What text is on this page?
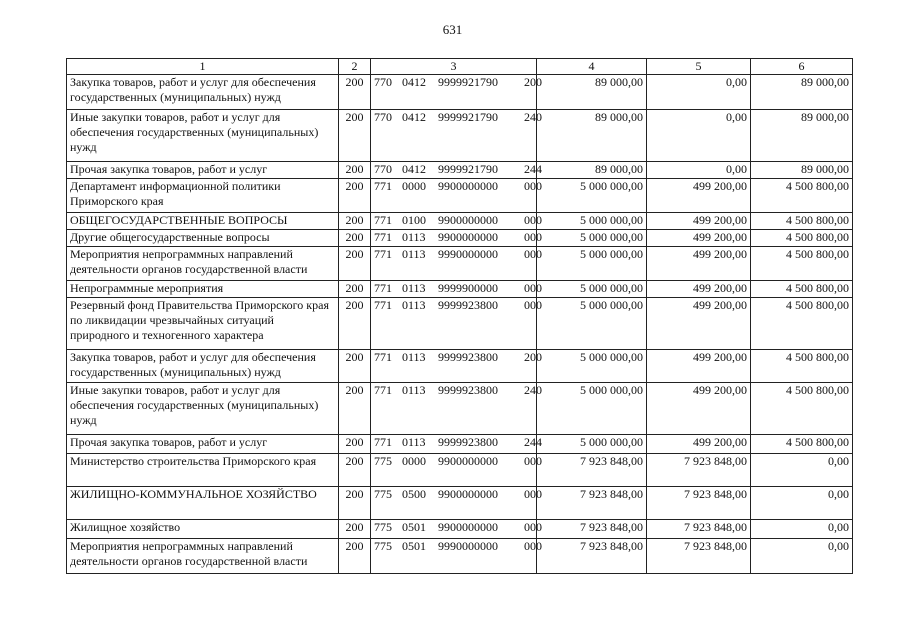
631
1	2	3	4	5	6
Закупка товаров, работ и услуг для обеспечения государственных (муниципальных) нужд	200	770 0412 9999921790 200	89 000,00	0,00	89 000,00
Иные закупки товаров, работ и услуг для обеспечения государственных (муниципальных) нужд	200	770 0412 9999921790 240	89 000,00	0,00	89 000,00
Прочая закупка товаров, работ и услуг	200	770 0412 9999921790 244	89 000,00	0,00	89 000,00
Департамент информационной политики Приморского края	200	771 0000 9900000000 000	5 000 000,00	499 200,00	4 500 800,00
ОБЩЕГОСУДАРСТВЕННЫЕ ВОПРОСЫ	200	771 0100 9900000000 000	5 000 000,00	499 200,00	4 500 800,00
Другие общегосударственные вопросы	200	771 0113 9900000000 000	5 000 000,00	499 200,00	4 500 800,00
Мероприятия непрограммных направлений деятельности органов государственной власти	200	771 0113 9990000000 000	5 000 000,00	499 200,00	4 500 800,00
Непрограммные мероприятия	200	771 0113 9999900000 000	5 000 000,00	499 200,00	4 500 800,00
Резервный фонд Правительства Приморского края по ликвидации чрезвычайных ситуаций природного и техногенного характера	200	771 0113 9999923800 000	5 000 000,00	499 200,00	4 500 800,00
Закупка товаров, работ и услуг для обеспечения государственных (муниципальных) нужд	200	771 0113 9999923800 200	5 000 000,00	499 200,00	4 500 800,00
Иные закупки товаров, работ и услуг для обеспечения государственных (муниципальных) нужд	200	771 0113 9999923800 240	5 000 000,00	499 200,00	4 500 800,00
Прочая закупка товаров, работ и услуг	200	771 0113 9999923800 244	5 000 000,00	499 200,00	4 500 800,00
Министерство строительства Приморского края	200	775 0000 9900000000 000	7 923 848,00	7 923 848,00	0,00
ЖИЛИЩНО-КОММУНАЛЬНОЕ ХОЗЯЙСТВО	200	775 0500 9900000000 000	7 923 848,00	7 923 848,00	0,00
Жилищное хозяйство	200	775 0501 9900000000 000	7 923 848,00	7 923 848,00	0,00
Мероприятия непрограммных направлений деятельности органов государственной власти	200	775 0501 9990000000 000	7 923 848,00	7 923 848,00	0,00
